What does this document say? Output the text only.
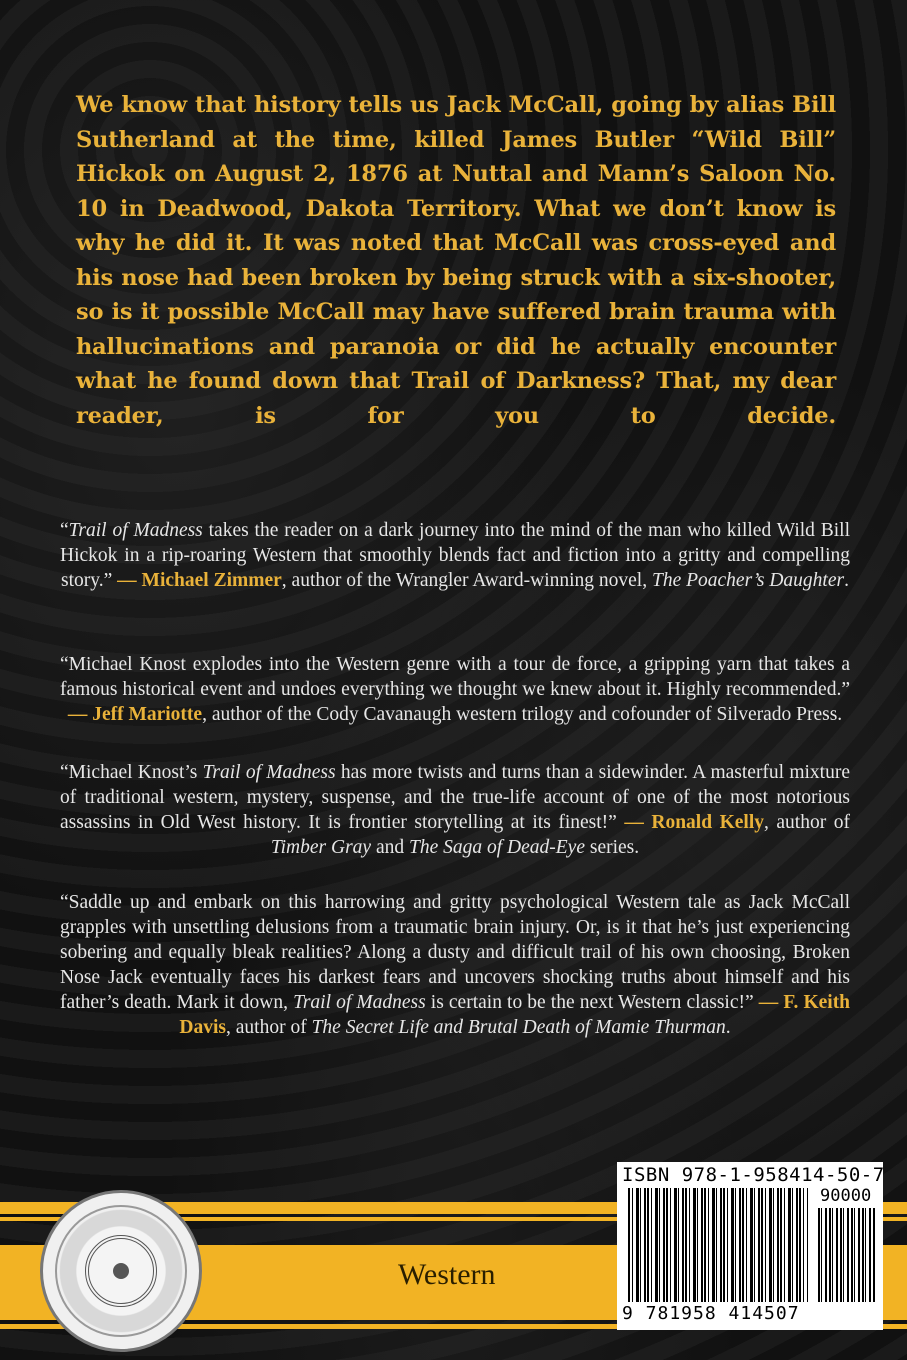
We know that history tells us Jack McCall, going by alias Bill Sutherland at the time, killed James Butler “Wild Bill” Hickok on August 2, 1876 at Nuttal and Mann’s Saloon No. 10 in Deadwood, Dakota Territory. What we don’t know is why he did it. It was noted that McCall was cross-eyed and his nose had been broken by being struck with a six-shooter, so is it possible McCall may have suffered brain trauma with hallucinations and paranoia or did he actually encounter what he found down that Trail of Darkness? That, my dear reader, is for you to decide.
“Trail of Madness takes the reader on a dark journey into the mind of the man who killed Wild Bill Hickok in a rip-roaring Western that smoothly blends fact and fiction into a gritty and compelling story.” — Michael Zimmer, author of the Wrangler Award-winning novel, The Poacher’s Daughter.
“Michael Knost explodes into the Western genre with a tour de force, a gripping yarn that takes a famous historical event and undoes everything we thought we knew about it. Highly recommended.” — Jeff Mariotte, author of the Cody Cavanaugh western trilogy and cofounder of Silverado Press.
“Michael Knost’s Trail of Madness has more twists and turns than a sidewinder. A masterful mixture of traditional western, mystery, suspense, and the true-life account of one of the most notorious assassins in Old West history. It is frontier storytelling at its finest!” — Ronald Kelly, author of Timber Gray and The Saga of Dead-Eye series.
“Saddle up and embark on this harrowing and gritty psychological Western tale as Jack McCall grapples with unsettling delusions from a traumatic brain injury. Or, is it that he’s just experiencing sobering and equally bleak realities? Along a dusty and difficult trail of his own choosing, Broken Nose Jack eventually faces his darkest fears and uncovers shocking truths about himself and his father’s death. Mark it down, Trail of Madness is certain to be the next Western classic!” — F. Keith Davis, author of The Secret Life and Brutal Death of Mamie Thurman.
Western
ISBN 978-1-958414-50-7
90000
9 781958 414507
